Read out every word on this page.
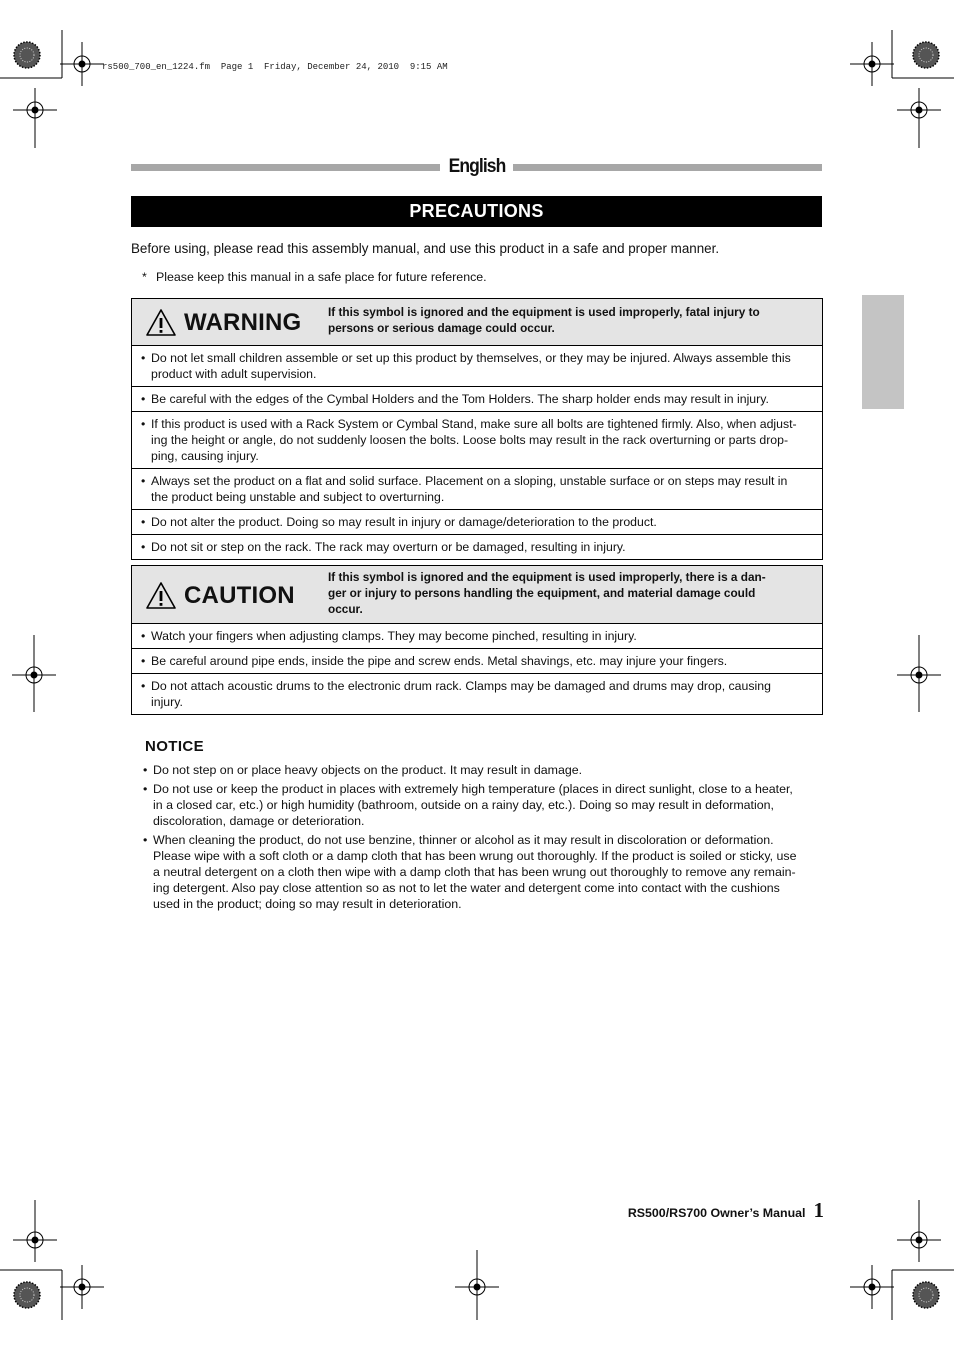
rs500_700_en_1224.fm  Page 1  Friday, December 24, 2010  9:15 AM
English
PRECAUTIONS
Before using, please read this assembly manual, and use this product in a safe and proper manner.
* Please keep this manual in a safe place for future reference.
WARNING If this symbol is ignored and the equipment is used improperly, fatal injury to
persons or serious damage could occur.
• Do not let small children assemble or set up this product by themselves, or they may be injured. Always assemble this
product with adult supervision.
• Be careful with the edges of the Cymbal Holders and the Tom Holders. The sharp holder ends may result in injury.
• If this product is used with a Rack System or Cymbal Stand, make sure all bolts are tightened firmly. Also, when adjust-
ing the height or angle, do not suddenly loosen the bolts. Loose bolts may result in the rack overturning or parts drop-
ping, causing injury.
• Always set the product on a flat and solid surface. Placement on a sloping, unstable surface or on steps may result in
the product being unstable and subject to overturning.
• Do not alter the product. Doing so may result in injury or damage/deterioration to the product.
• Do not sit or step on the rack. The rack may overturn or be damaged, resulting in injury.
CAUTION
If this symbol is ignored and the equipment is used improperly, there is a dan-
ger or injury to persons handling the equipment, and material damage could
occur.
• Watch your fingers when adjusting clamps. They may become pinched, resulting in injury.
• Be careful around pipe ends, inside the pipe and screw ends. Metal shavings, etc. may injure your fingers.
• Do not attach acoustic drums to the electronic drum rack. Clamps may be damaged and drums may drop, causing
injury.
NOTICE
• Do not step on or place heavy objects on the product. It may result in damage.
• Do not use or keep the product in places with extremely high temperature (places in direct sunlight, close to a heater,
in a closed car, etc.) or high humidity (bathroom, outside on a rainy day, etc.). Doing so may result in deformation,
discoloration, damage or deterioration.
• When cleaning the product, do not use benzine, thinner or alcohol as it may result in discoloration or deformation.
Please wipe with a soft cloth or a damp cloth that has been wrung out thoroughly. If the product is soiled or sticky, use
a neutral detergent on a cloth then wipe with a damp cloth that has been wrung out thoroughly to remove any remain-
ing detergent. Also pay close attention so as not to let the water and detergent come into contact with the cushions
used in the product; doing so may result in deterioration.
RS500/RS700 Owner’s Manual 1
